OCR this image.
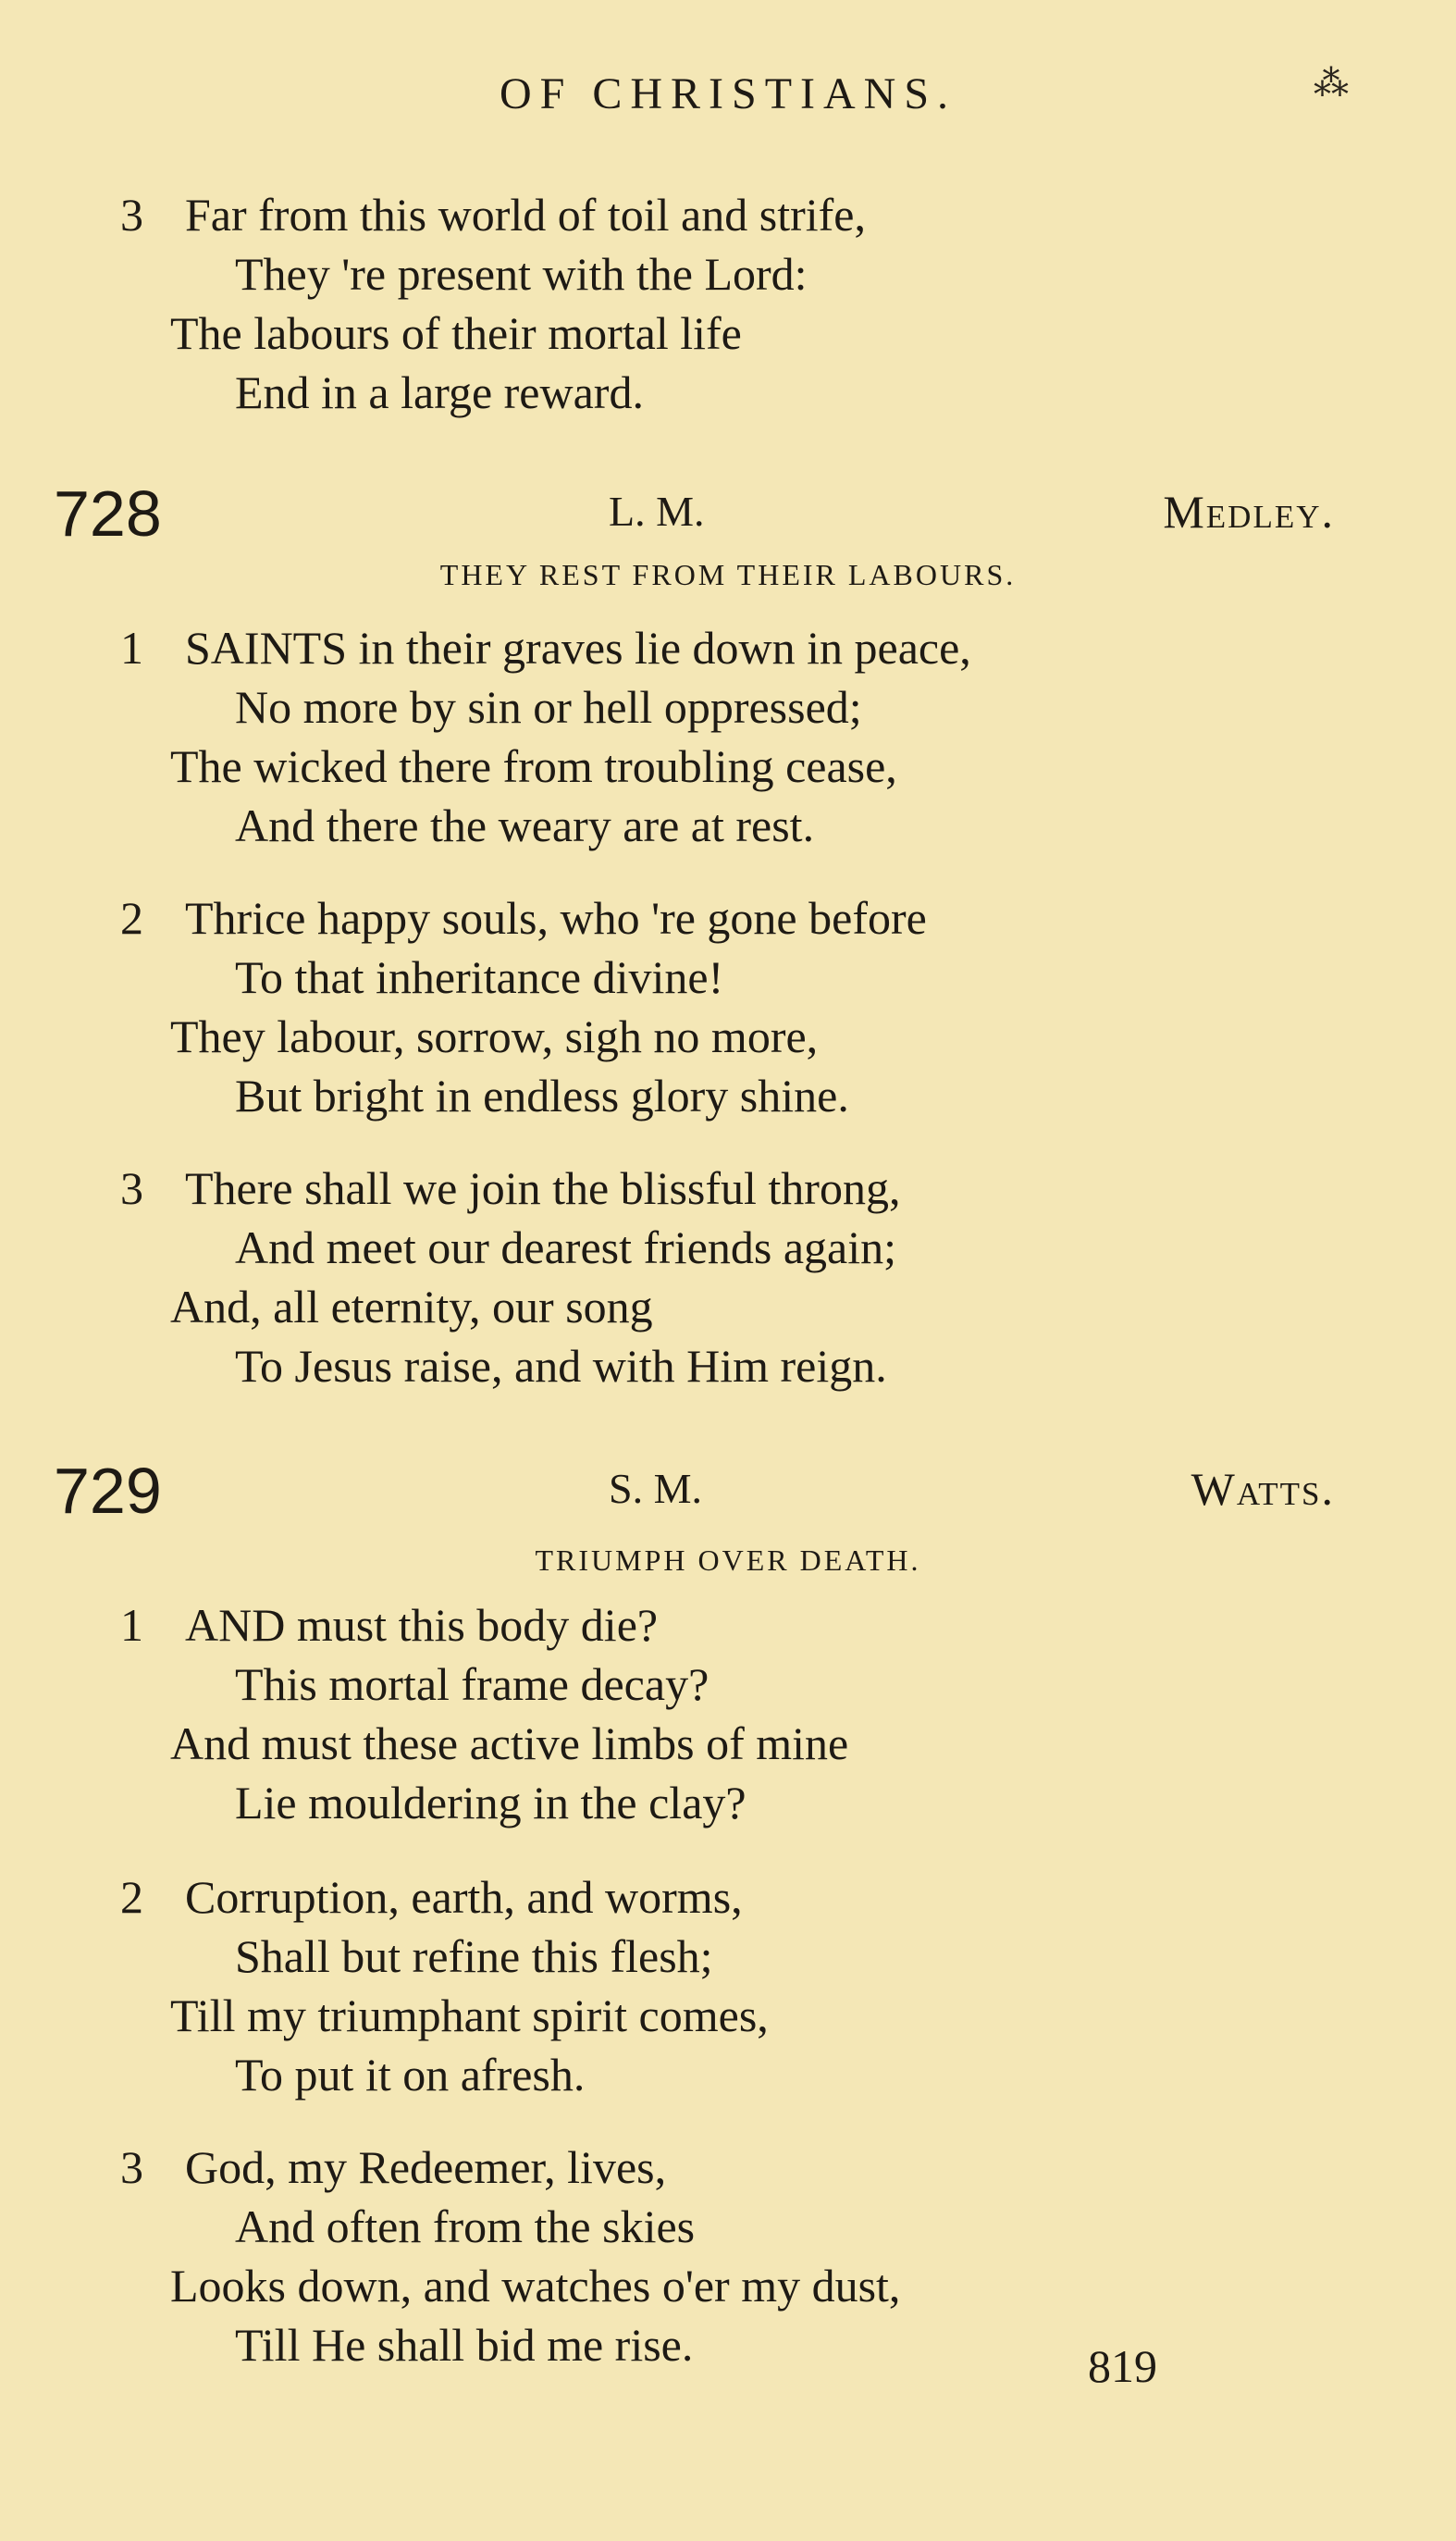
OF CHRISTIANS.	⁂
3 Far from this world of toil and strife,
They 're present with the Lord:
The labours of their mortal life
End in a large reward.
728	L. M.	Medley.
THEY REST FROM THEIR LABOURS.
1 SAINTS in their graves lie down in peace,
No more by sin or hell oppressed;
The wicked there from troubling cease,
And there the weary are at rest.
2 Thrice happy souls, who 're gone before
To that inheritance divine!
They labour, sorrow, sigh no more,
But bright in endless glory shine.
3 There shall we join the blissful throng,
And meet our dearest friends again;
And, all eternity, our song
To Jesus raise, and with Him reign.
729	S. M.	Watts.
TRIUMPH OVER DEATH.
1 AND must this body die?
This mortal frame decay?
And must these active limbs of mine
Lie mouldering in the clay?
2 Corruption, earth, and worms,
Shall but refine this flesh;
Till my triumphant spirit comes,
To put it on afresh.
3 God, my Redeemer, lives,
And often from the skies
Looks down, and watches o'er my dust,
Till He shall bid me rise.	819
